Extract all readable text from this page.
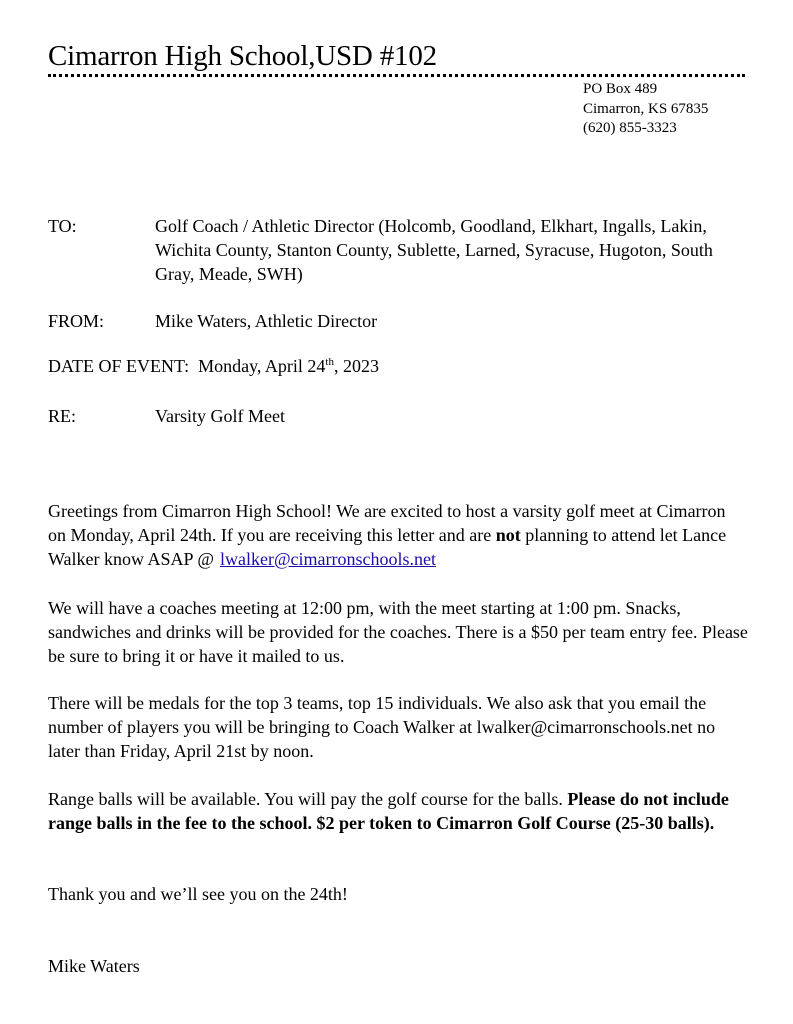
Cimarron High School,USD #102
PO Box 489
Cimarron, KS 67835
(620) 855-3323
TO:	Golf Coach / Athletic Director (Holcomb, Goodland, Elkhart, Ingalls, Lakin, Wichita County, Stanton County, Sublette, Larned, Syracuse, Hugoton, South Gray, Meade, SWH)
FROM:	Mike Waters, Athletic Director
DATE OF EVENT: Monday, April 24th, 2023
RE:	Varsity Golf Meet
Greetings from Cimarron High School! We are excited to host a varsity golf meet at Cimarron on Monday, April 24th. If you are receiving this letter and are not planning to attend let Lance Walker know ASAP @ lwalker@cimarronschools.net
We will have a coaches meeting at 12:00 pm, with the meet starting at 1:00 pm. Snacks, sandwiches and drinks will be provided for the coaches. There is a $50 per team entry fee. Please be sure to bring it or have it mailed to us.
There will be medals for the top 3 teams, top 15 individuals. We also ask that you email the number of players you will be bringing to Coach Walker at lwalker@cimarronschools.net no later than Friday, April 21st by noon.
Range balls will be available. You will pay the golf course for the balls. Please do not include range balls in the fee to the school. $2 per token to Cimarron Golf Course (25-30 balls).
Thank you and we’ll see you on the 24th!
Mike Waters
